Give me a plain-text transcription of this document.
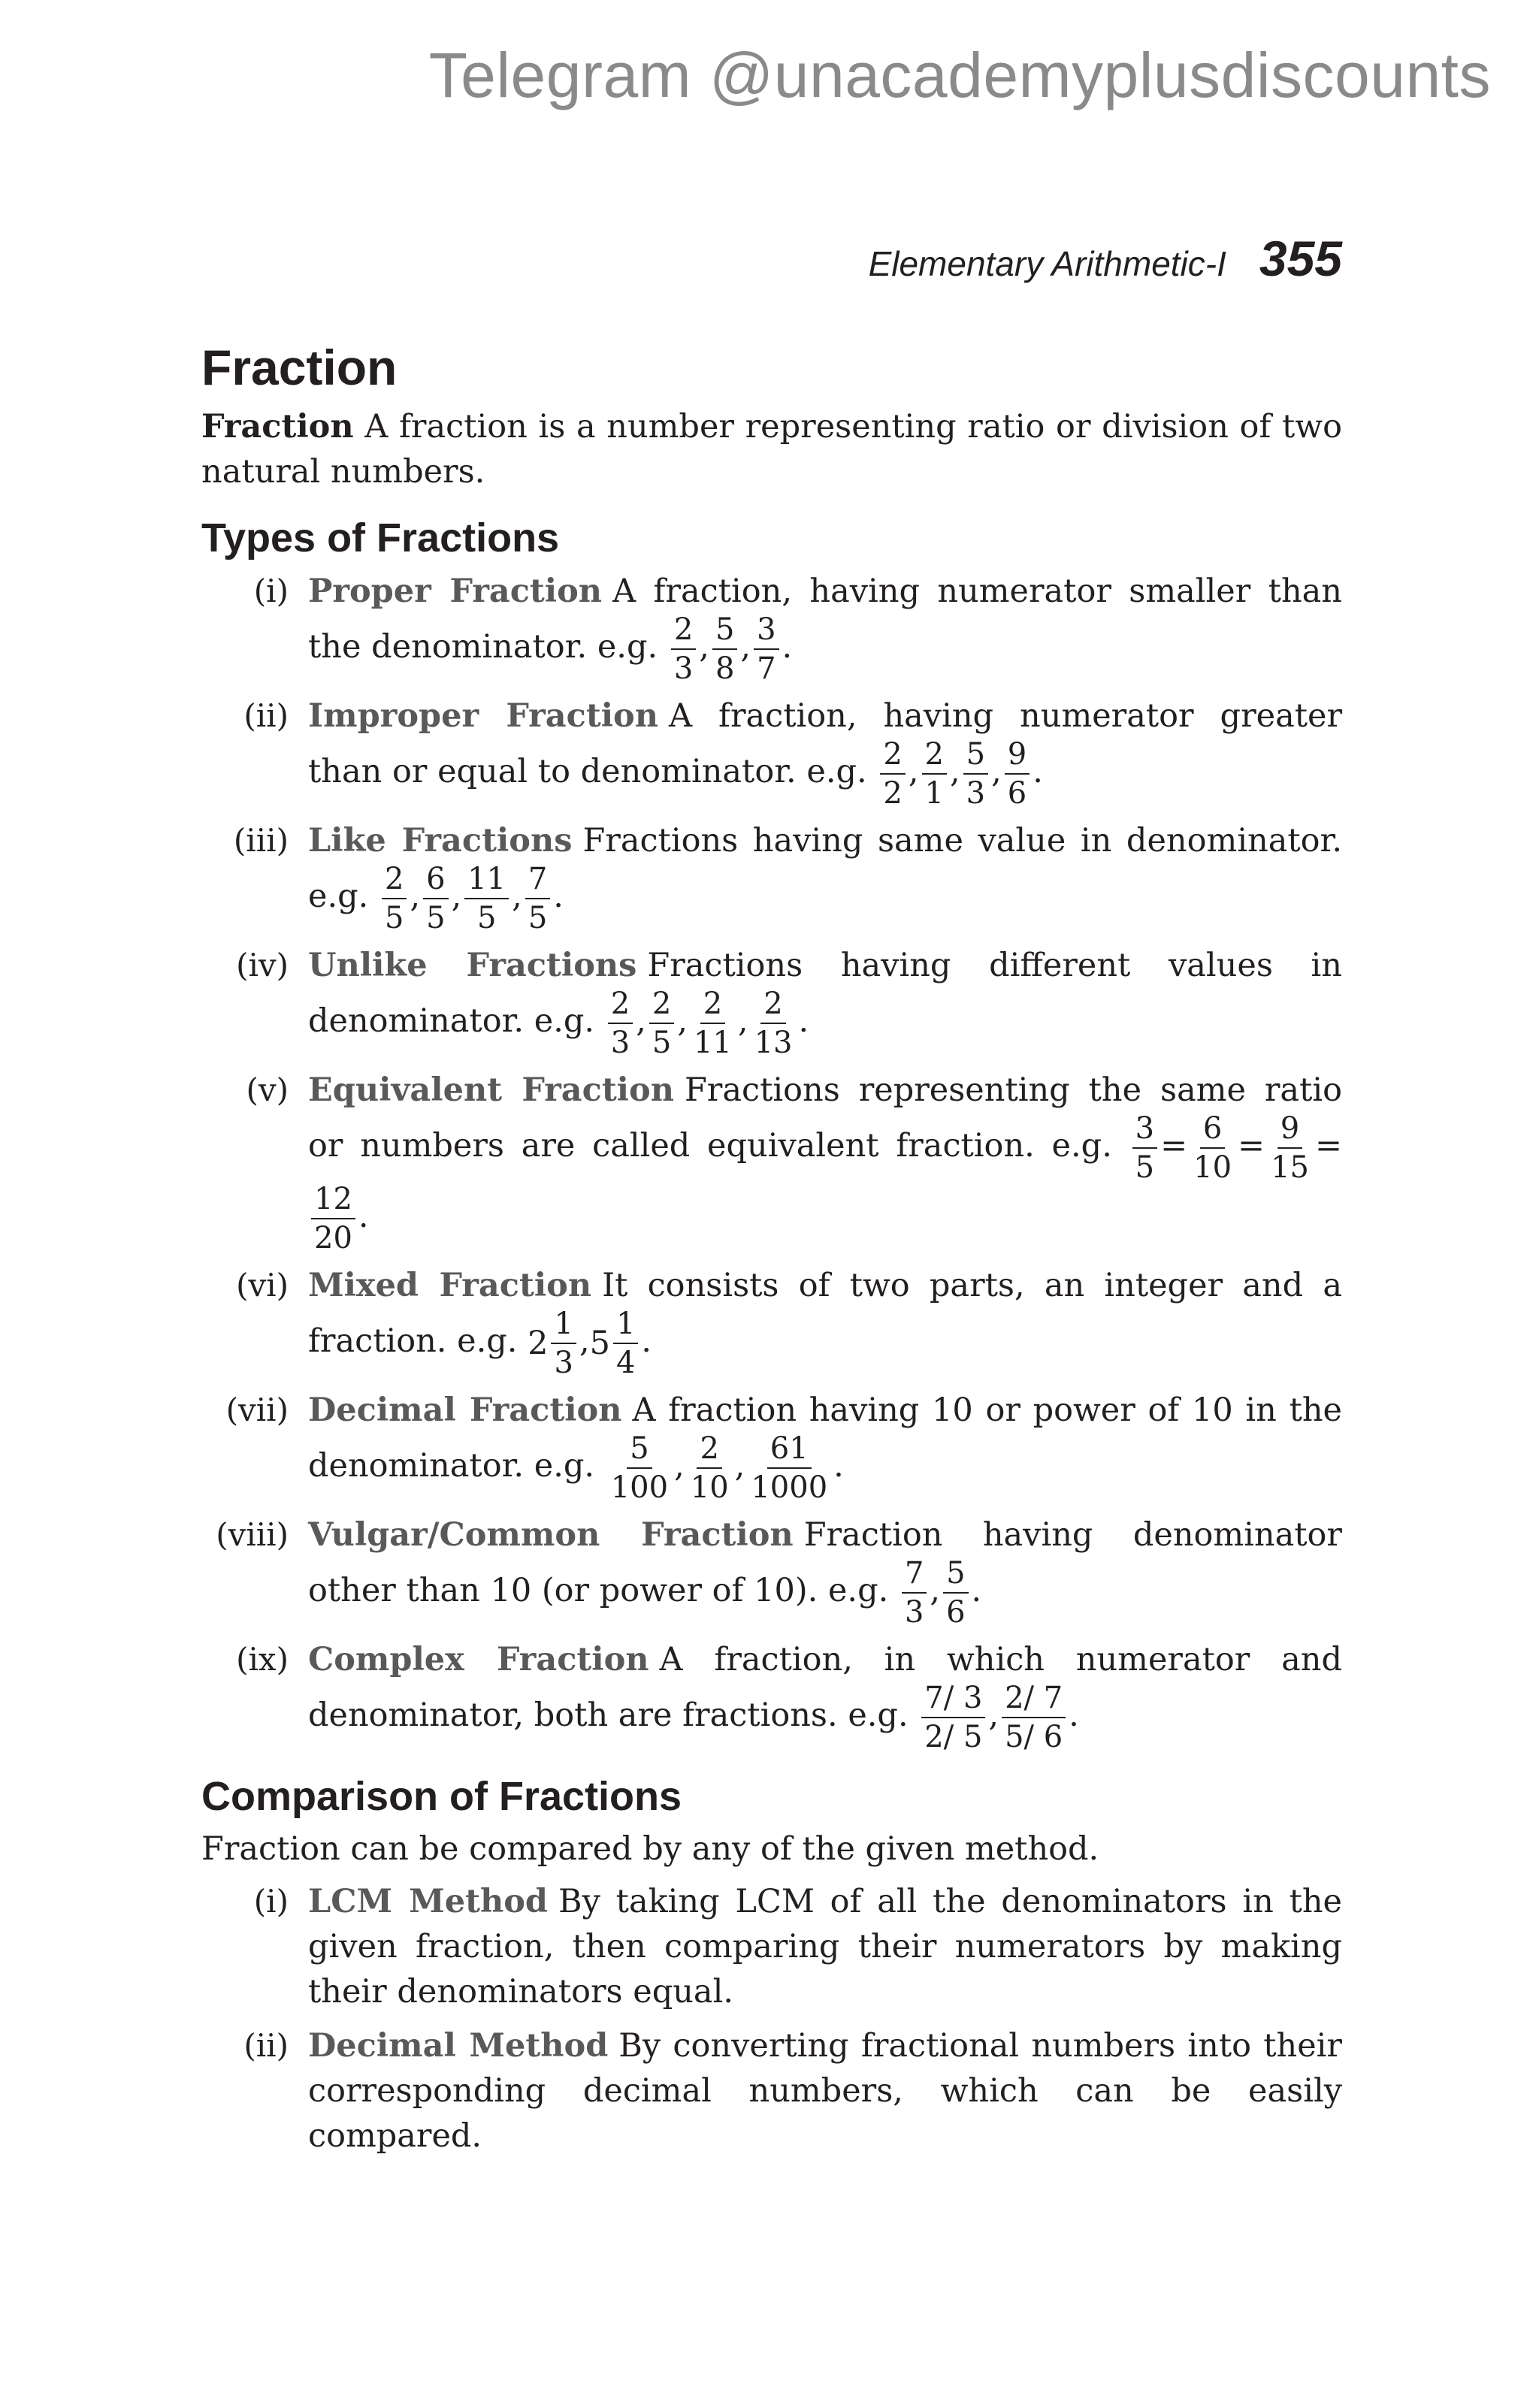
Telegram @unacademyplusdiscounts
Elementary Arithmetic-I 355
Fraction

Fraction A fraction is a number representing ratio or division of two natural numbers.

Types of Fractions
(i) Proper Fraction A fraction, having numerator smaller than the denominator. e.g. $\frac{2}{3}$ , $\frac{5}{8}$ , $\frac{3}{7}$ .
(ii) Improper Fraction A fraction, having numerator greater than or equal to denominator. e.g. $\frac{2}{2}$ , $\frac{2}{1}$ , $\frac{5}{3}$ , $\frac{9}{6}$ .
(iii) Like Fractions Fractions having same value in denominator. e.g. $\frac{2}{5}$ , $\frac{6}{5}$ , $\frac{11}{5}$ , $\frac{7}{5}$ .
(iv) Unlike Fractions Fractions having different values in denominator. e.g. $\frac{2}{3}$ , $\frac{2}{5}$ , $\frac{2}{11}$ , $\frac{2}{13}$ .
(v) Equivalent Fraction Fractions representing the same ratio or numbers are called equivalent fraction. e.g. $\frac{3}{5} = \frac{6}{10} = \frac{9}{15}$ =
$\frac{12}{20}$ .
(vi) Mixed Fraction It consists of two parts, an integer and a fraction. e.g. $2 \frac{1}{3} ,5 \frac{1}{4}$ .
(vii) Decimal Fraction A fraction having 10 or power of 10 in the denominator. e.g. $\frac{5}{100}$ , $\frac{2}{10}$ , $\frac{61}{1000}$ .
(viii) Vulgar/Common Fraction Fraction having denominator other than 10 (or power of 10). e.g. $\frac{7}{3}$ , $\frac{5}{6}$ .
(ix) Complex Fraction A fraction, in which numerator and denominator, both are fractions. e.g. $\frac{7/ 3}{2/ 5}$ , $\frac{2/ 7}{5/ 6}$ .
Comparison of Fractions

Fraction can be compared by any of the given method.

(i) LCM Method By taking LCM of all the denominators in the given fraction, then comparing their numerators by making their denominators equal.
(ii) Decimal Method By converting fractional numbers into their corresponding decimal numbers, which can be easily compared.
